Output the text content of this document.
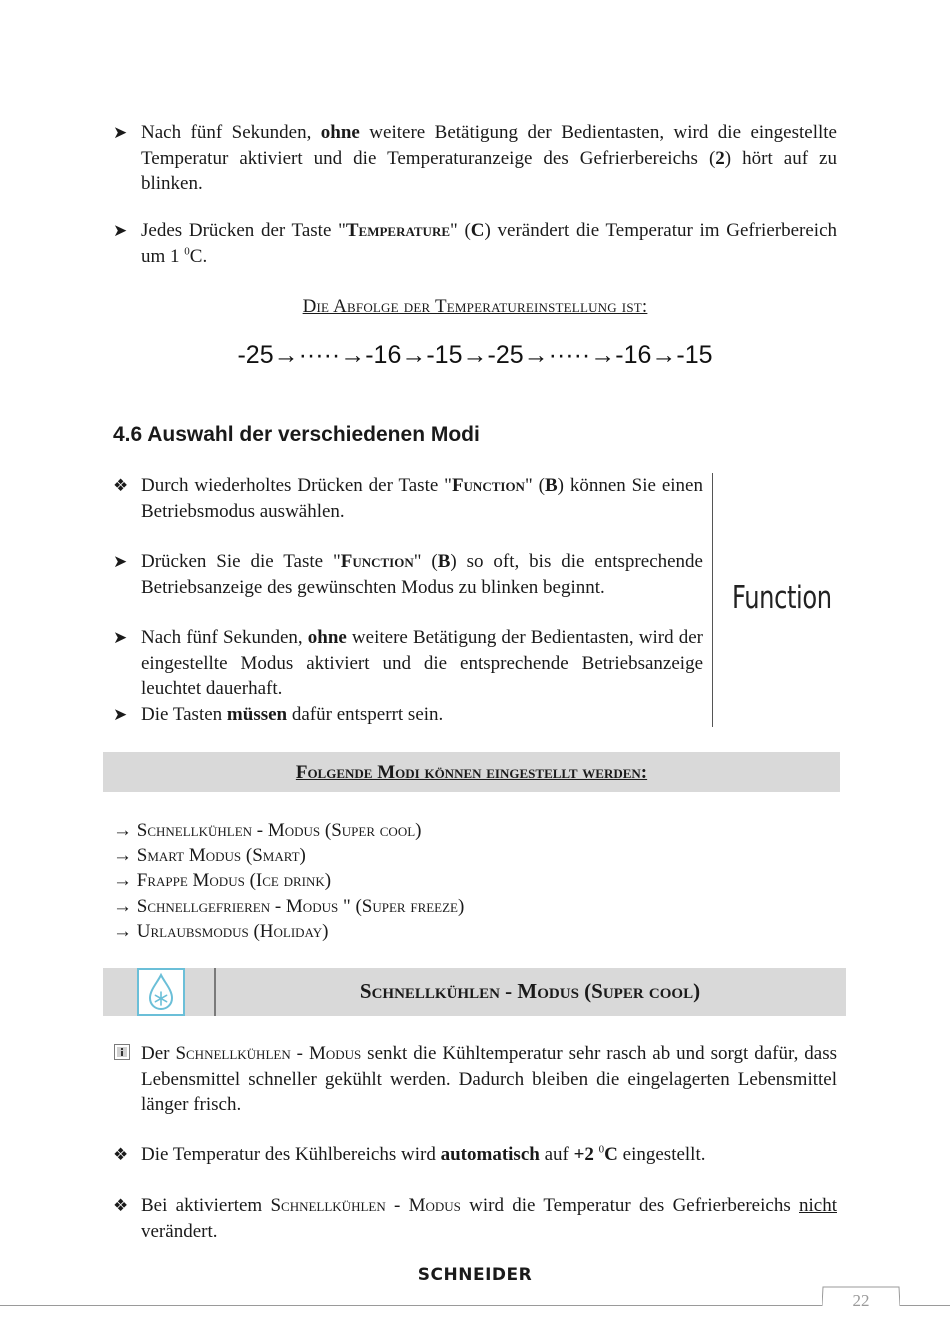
➤ Nach fünf Sekunden, ohne weitere Betätigung der Bedientasten, wird die eingestellte Temperatur aktiviert und die Temperaturanzeige des Gefrierbereichs (2) hört auf zu blinken.
➤ Jedes Drücken der Taste "Temperature" (C) verändert die Temperatur im Gefrierbereich um 1 $^0$C.
Die Abfolge der Temperatureinstellung ist:
-25→·····→-16→-15→-25→·····→-16→-15
4.6 Auswahl der verschiedenen Modi
❖ Durch wiederholtes Drücken der Taste "Function" (B) können Sie einen Betriebsmodus auswählen.
➤ Drücken Sie die Taste "Function" (B) so oft, bis die entsprechende Betriebsanzeige des gewünschten Modus zu blinken beginnt.
➤ Nach fünf Sekunden, ohne weitere Betätigung der Bedientasten, wird der eingestellte Modus aktiviert und die entsprechende Betriebsanzeige leuchtet dauerhaft.
➤ Die Tasten müssen dafür entsperrt sein.
Function
Folgende Modi können eingestellt werden:
→ Schnellkühlen - Modus (Super cool)
→ Smart Modus (Smart)
→ Frappe Modus (Ice drink)
→ Schnellgefrieren - Modus " (Super freeze)
→ Urlaubsmodus (Holiday)
Schnellkühlen - Modus (Super cool)
Der Schnellkühlen - Modus senkt die Kühltemperatur sehr rasch ab und sorgt dafür, dass Lebensmittel schneller gekühlt werden. Dadurch bleiben die eingelagerten Lebensmittel länger frisch.
❖ Die Temperatur des Kühlbereichs wird automatisch auf +2 $^0$C eingestellt.
❖ Bei aktiviertem Schnellkühlen - Modus wird die Temperatur des Gefrierbereichs nicht verändert.
SCHNEIDER
22
